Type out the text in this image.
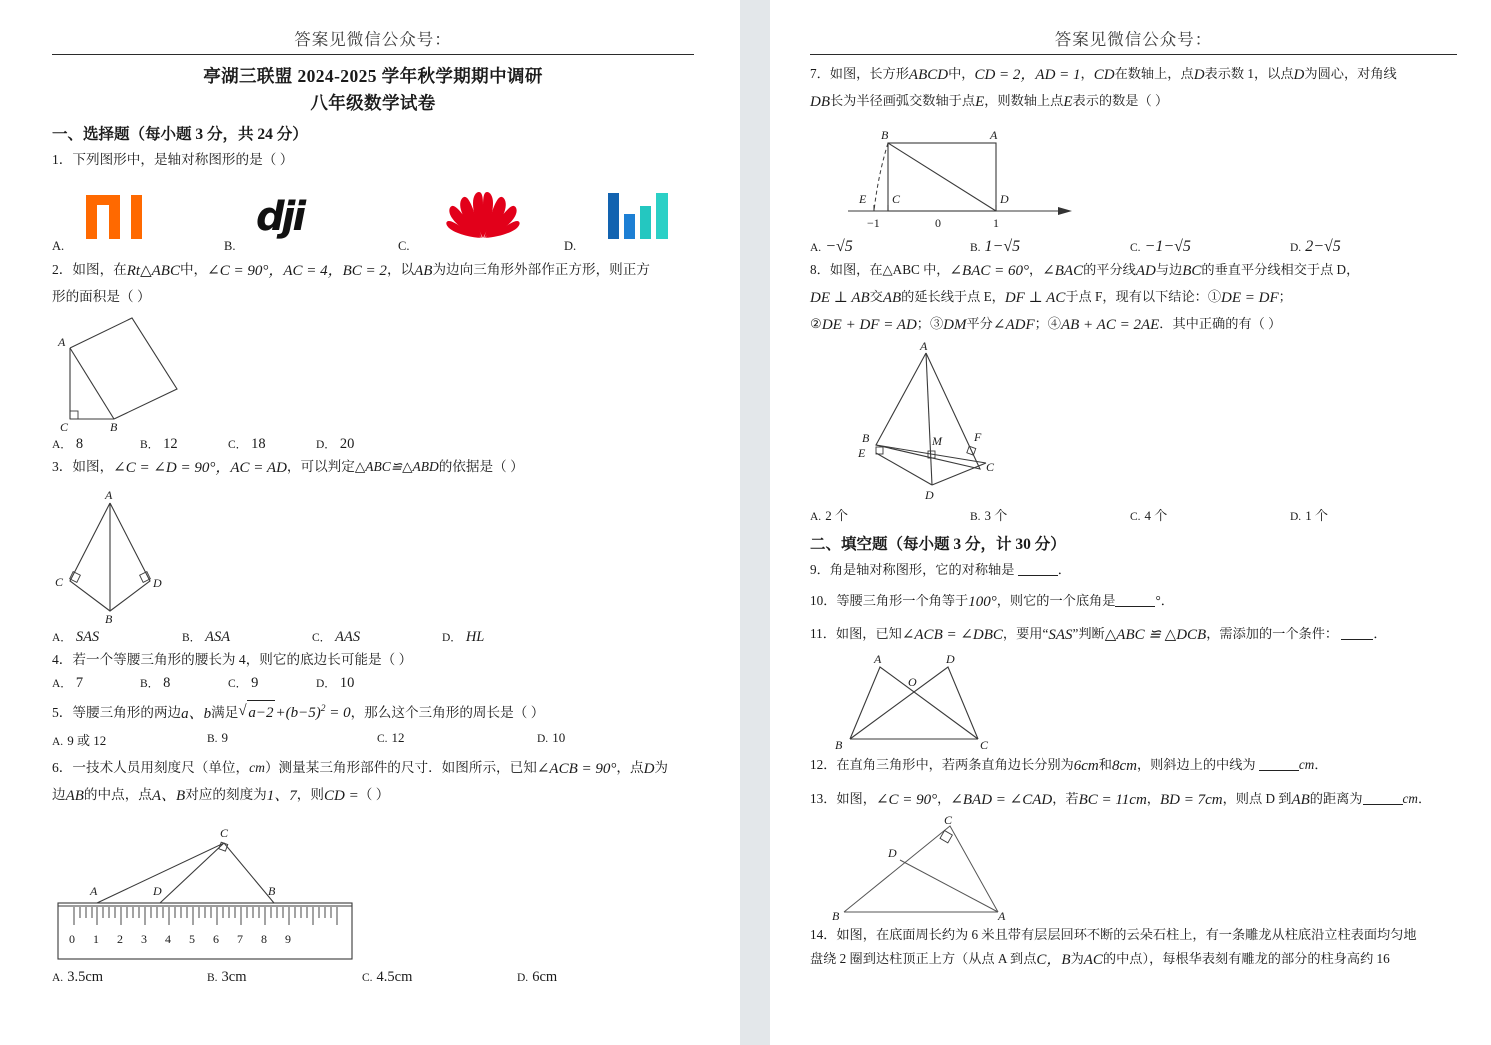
答案见微信公众号：
亭湖三联盟 2024-2025 学年秋学期期中调研
八年级数学试卷
一、选择题（每小题 3 分，共 24 分）
1．下列图形中，是轴对称图形的是（ ）
A.
dji
B.	C.	D.
2．如图，在Rt△ABC中，∠C = 90°，AC = 4，BC = 2，以AB为边向三角形外部作正方形，则正方
形的面积是（ ）
A
B
C
A． 8	B． 12	C． 18	D． 20
3．如图，∠C = ∠D = 90°，AC = AD，可以判定△ABC≌△ABD的依据是（ ）
A
C	D
B
A． SAS	B． ASA	C． AAS	D． HL
4．若一个等腰三角形的腰长为 4，则它的底边长可能是（ ）
A． 7	B． 8	C． 9	D． 10
5．等腰三角形的两边a、b满足 √ $a-2 +(b-5)^2 = 0$，那么这个三角形的周长是（ ）
A. 9 或 12	B. 9	C. 12	D. 10
6．一技术人员用刻度尺（单位，cm）测量某三角形部件的尺寸．如图所示，已知∠ACB = 90°，点D为
边AB的中点，点A、B对应的刻度为1、7，则CD =（ ）
A	D	B
C
0 1 2 3 4 5 6 7 8 9
A. 3.5cm	B. 3cm	C. 4.5cm	D. 6cm
答案见微信公众号：
7．如图，长方形ABCD中，CD = 2，AD = 1，CD在数轴上，点D表示数 1，以点D为圆心，对角线
DB长为半径画弧交数轴于点E，则数轴上点E表示的数是（ ）
B	A
E C	D
−1	0	1
A. −√5	B. 1−√5	C. −1−√5	D. 2−√5
8．如图，在△ABC 中，∠BAC = 60°，∠BAC的平分线AD与边BC的垂直平分线相交于点 D，
DE ⊥ AB交AB的延长线于点 E，DF ⊥ AC于点 F，现有以下结论：①DE = DF；
②DE + DF = AD；③DM平分∠ADF；④AB + AC = 2AE．其中正确的有（ ）
A
B
E
M	F
C
D
A. 2 个	B. 3 个	C. 4 个	D. 1 个
二、填空题（每小题 3 分，计 30 分）
9．角是轴对称图形，它的对称轴是	．
10．等腰三角形一个角等于100°，则它的一个底角是	°．
11．如图，已知∠ACB = ∠DBC，要用“SAS”判断△ABC ≌ △DCB，需添加的一个条件：	．
A	D
O
B	C
12．在直角三角形中，若两条直角边长分别为6cm和8cm，则斜边上的中线为	cm．
13．如图，∠C = 90°，∠BAD = ∠CAD，若BC = 11cm，BD = 7cm，则点 D 到AB的距离为	cm．
C
D
B	A
14．如图，在底面周长约为 6 米且带有层层回环不断的云朵石柱上，有一条雕龙从柱底沿立柱表面均匀地
盘绕 2 圈到达柱顶正上方（从点 A 到点C，B为AC的中点），每根华表刻有雕龙的部分的柱身高约 16
